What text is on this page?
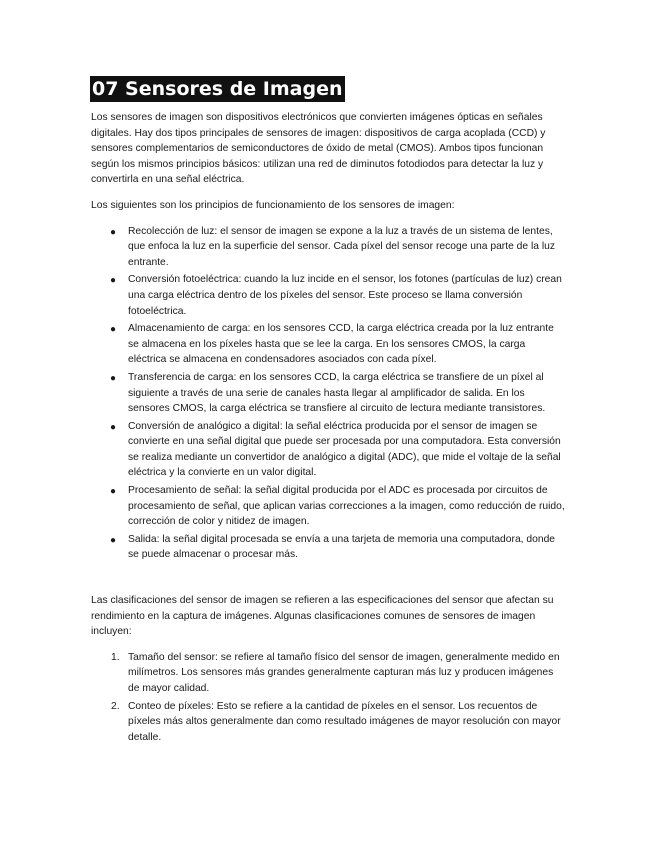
07 Sensores de Imagen

Los sensores de imagen son dispositivos electrónicos que convierten imágenes ópticas en señales digitales. Hay dos tipos principales de sensores de imagen: dispositivos de carga acoplada (CCD) y sensores complementarios de semiconductores de óxido de metal (CMOS). Ambos tipos funcionan según los mismos principios básicos: utilizan una red de diminutos fotodiodos para detectar la luz y convertirla en una señal eléctrica.

Los siguientes son los principios de funcionamiento de los sensores de imagen:

● Recolección de luz: el sensor de imagen se expone a la luz a través de un sistema de lentes, que enfoca la luz en la superficie del sensor. Cada píxel del sensor recoge una parte de la luz entrante.
● Conversión fotoeléctrica: cuando la luz incide en el sensor, los fotones (partículas de luz) crean una carga eléctrica dentro de los píxeles del sensor. Este proceso se llama conversión fotoeléctrica.
● Almacenamiento de carga: en los sensores CCD, la carga eléctrica creada por la luz entrante se almacena en los píxeles hasta que se lee la carga. En los sensores CMOS, la carga eléctrica se almacena en condensadores asociados con cada píxel.
● Transferencia de carga: en los sensores CCD, la carga eléctrica se transfiere de un píxel al siguiente a través de una serie de canales hasta llegar al amplificador de salida. En los sensores CMOS, la carga eléctrica se transfiere al circuito de lectura mediante transistores.
● Conversión de analógico a digital: la señal eléctrica producida por el sensor de imagen se convierte en una señal digital que puede ser procesada por una computadora. Esta conversión se realiza mediante un convertidor de analógico a digital (ADC), que mide el voltaje de la señal eléctrica y la convierte en un valor digital.
● Procesamiento de señal: la señal digital producida por el ADC es procesada por circuitos de procesamiento de señal, que aplican varias correcciones a la imagen, como reducción de ruido, corrección de color y nitidez de imagen.
● Salida: la señal digital procesada se envía a una tarjeta de memoria una computadora, donde se puede almacenar o procesar más.

Las clasificaciones del sensor de imagen se refieren a las especificaciones del sensor que afectan su rendimiento en la captura de imágenes. Algunas clasificaciones comunes de sensores de imagen incluyen:

1. Tamaño del sensor: se refiere al tamaño físico del sensor de imagen, generalmente medido en milímetros. Los sensores más grandes generalmente capturan más luz y producen imágenes de mayor calidad.
2. Conteo de píxeles: Esto se refiere a la cantidad de píxeles en el sensor. Los recuentos de píxeles más altos generalmente dan como resultado imágenes de mayor resolución con mayor detalle.
